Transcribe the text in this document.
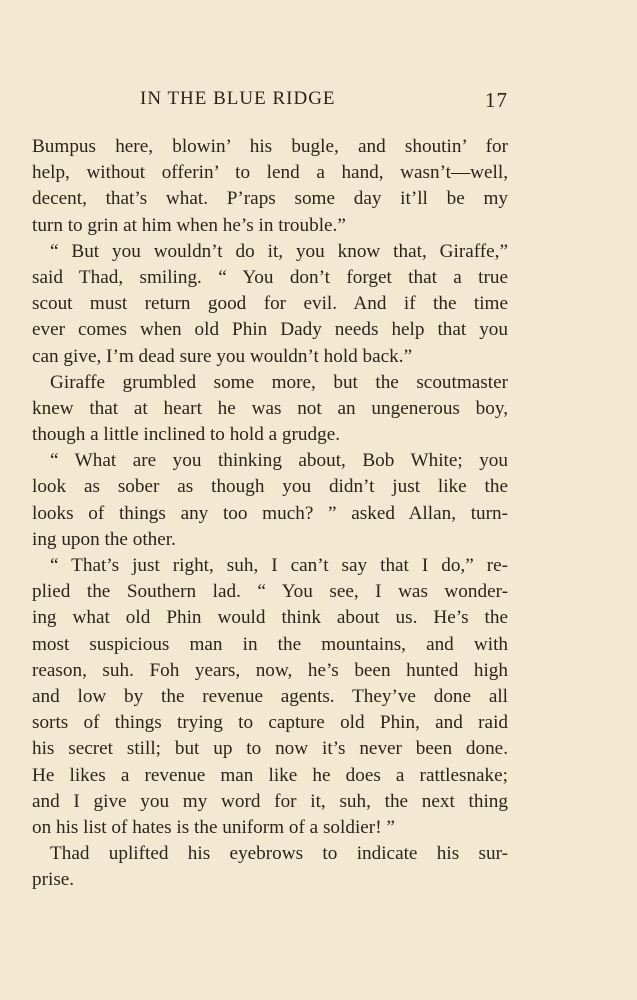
IN THE BLUE RIDGE	17
Bumpus here, blowin’ his bugle, and shoutin’ for
help, without offerin’ to lend a hand, wasn’t—well,
decent, that’s what. P’raps some day it’ll be my
turn to grin at him when he’s in trouble.”
“ But you wouldn’t do it, you know that, Giraffe,”
said Thad, smiling. “ You don’t forget that a true
scout must return good for evil. And if the time
ever comes when old Phin Dady needs help that you
can give, I’m dead sure you wouldn’t hold back.”
Giraffe grumbled some more, but the scoutmaster
knew that at heart he was not an ungenerous boy,
though a little inclined to hold a grudge.
“ What are you thinking about, Bob White; you
look as sober as though you didn’t just like the
looks of things any too much? ” asked Allan, turn-
ing upon the other.
“ That’s just right, suh, I can’t say that I do,” re-
plied the Southern lad. “ You see, I was wonder-
ing what old Phin would think about us. He’s the
most suspicious man in the mountains, and with
reason, suh. Foh years, now, he’s been hunted high
and low by the revenue agents. They’ve done all
sorts of things trying to capture old Phin, and raid
his secret still; but up to now it’s never been done.
He likes a revenue man like he does a rattlesnake;
and I give you my word for it, suh, the next thing
on his list of hates is the uniform of a soldier! ”
Thad uplifted his eyebrows to indicate his sur-
prise.
